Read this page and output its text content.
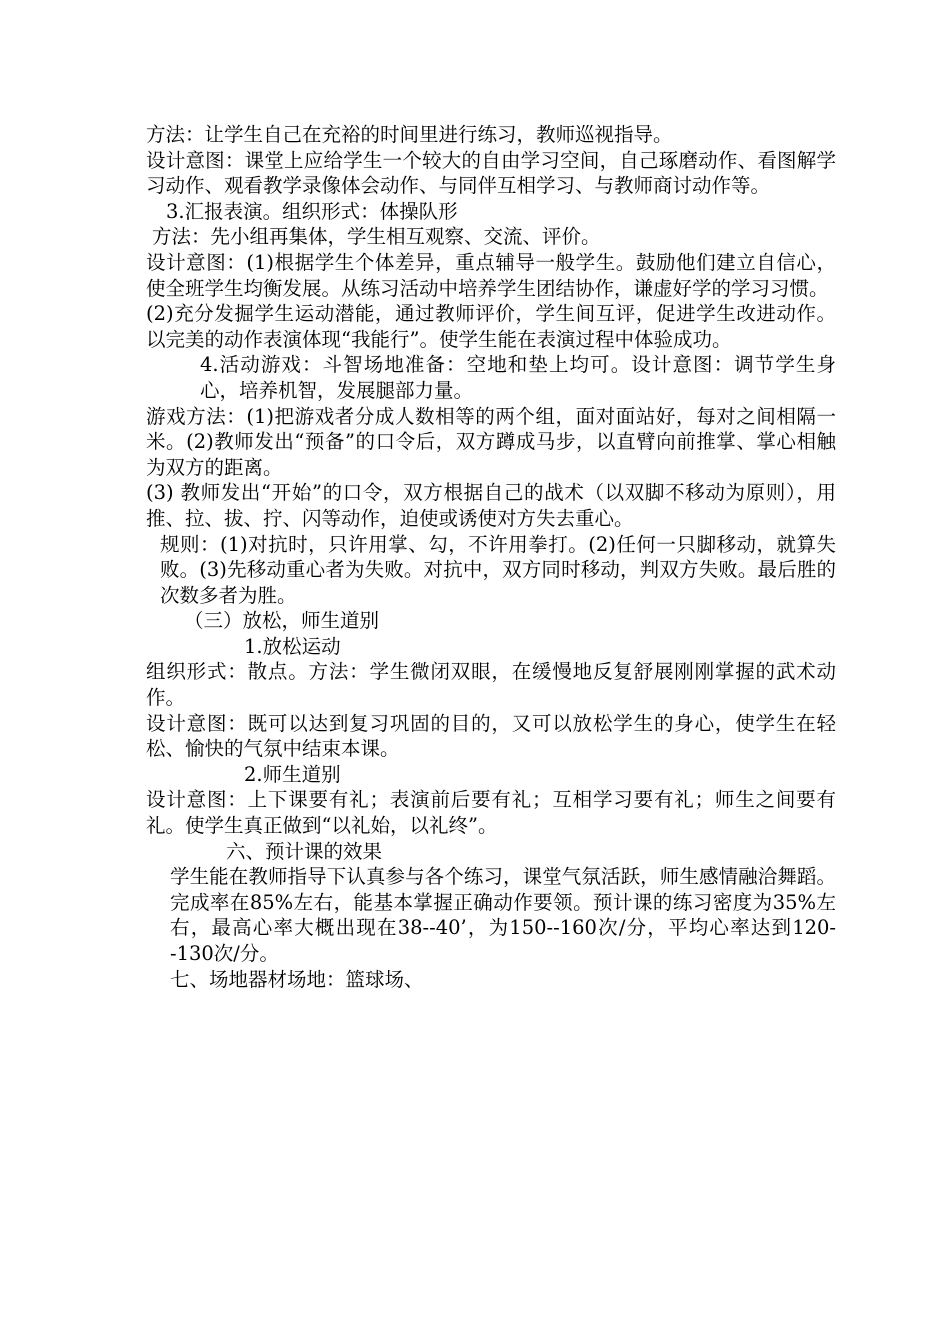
方法：让学生自己在充裕的时间里进行练习，教师巡视指导。

设计意图：课堂上应给学生一个较大的自由学习空间，自己琢磨动作、看图解学习动作、观看教学录像体会动作、与同伴互相学习、与教师商讨动作等。

3.汇报表演。组织形式：体操队形

方法：先小组再集体，学生相互观察、交流、评价。

设计意图：(1)根据学生个体差异，重点辅导一般学生。鼓励他们建立自信心，使全班学生均衡发展。从练习活动中培养学生团结协作，谦虚好学的学习习惯。

(2)充分发掘学生运动潜能，通过教师评价，学生间互评，促进学生改进动作。以完美的动作表演体现“我能行”。使学生能在表演过程中体验成功。

4.活动游戏：斗智场地准备：空地和垫上均可。设计意图：调节学生身心，培养机智，发展腿部力量。

游戏方法：(1)把游戏者分成人数相等的两个组，面对面站好，每对之间相隔一米。(2)教师发出“预备”的口令后，双方蹲成马步，以直臂向前推掌、掌心相触为双方的距离。

(3) 教师发出“开始”的口令，双方根据自己的战术（以双脚不移动为原则），用推、拉、拔、拧、闪等动作，迫使或诱使对方失去重心。

规则：(1)对抗时，只许用掌、勾，不许用拳打。(2)任何一只脚移动，就算失败。(3)先移动重心者为失败。对抗中，双方同时移动，判双方失败。最后胜的次数多者为胜。

（三）放松，师生道别

1.放松运动

组织形式：散点。方法：学生微闭双眼，在缓慢地反复舒展刚刚掌握的武术动作。

设计意图：既可以达到复习巩固的目的，又可以放松学生的身心，使学生在轻松、愉快的气氛中结束本课。

2.师生道别

设计意图：上下课要有礼；表演前后要有礼；互相学习要有礼；师生之间要有礼。使学生真正做到“以礼始，以礼终”。

六、预计课的效果

学生能在教师指导下认真参与各个练习，课堂气氛活跃，师生感情融洽舞蹈。完成率在85%左右，能基本掌握正确动作要领。预计课的练习密度为35%左右，最高心率大概出现在38--40’，为150--160次/分，平均心率达到120--130次/分。

七、场地器材场地：篮球场、
